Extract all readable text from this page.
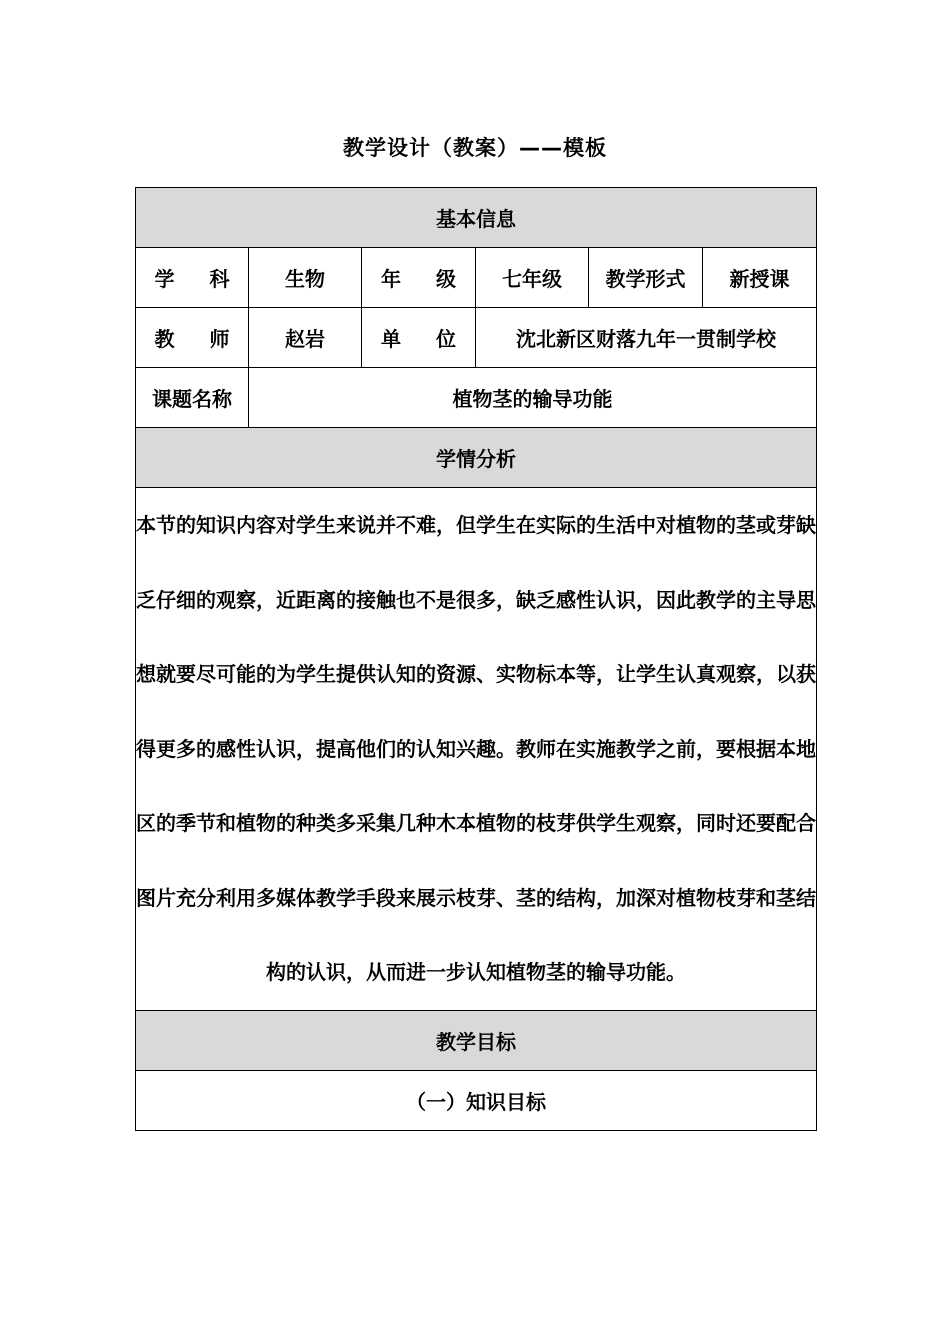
教学设计（教案）——模板
基本信息					
学 科	生物	年 级	七年级	教学形式	新授课
教 师	赵岩	单 位	沈北新区财落九年一贯制学校		
课题名称	植物茎的输导功能				
学情分析					
本节的知识内容对学生来说并不难，但学生在实际的生活中对植物的茎或芽缺乏仔细的观察，近距离的接触也不是很多，缺乏感性认识，因此教学的主导思想就要尽可能的为学生提供认知的资源、实物标本等，让学生认真观察，以获得更多的感性认识，提高他们的认知兴趣。教师在实施教学之前，要根据本地区的季节和植物的种类多采集几种木本植物的枝芽供学生观察，同时还要配合图片充分利用多媒体教学手段来展示枝芽、茎的结构，加深对植物枝芽和茎结构的认识，从而进一步认知植物茎的输导功能。					
教学目标					
（一）知识目标					
